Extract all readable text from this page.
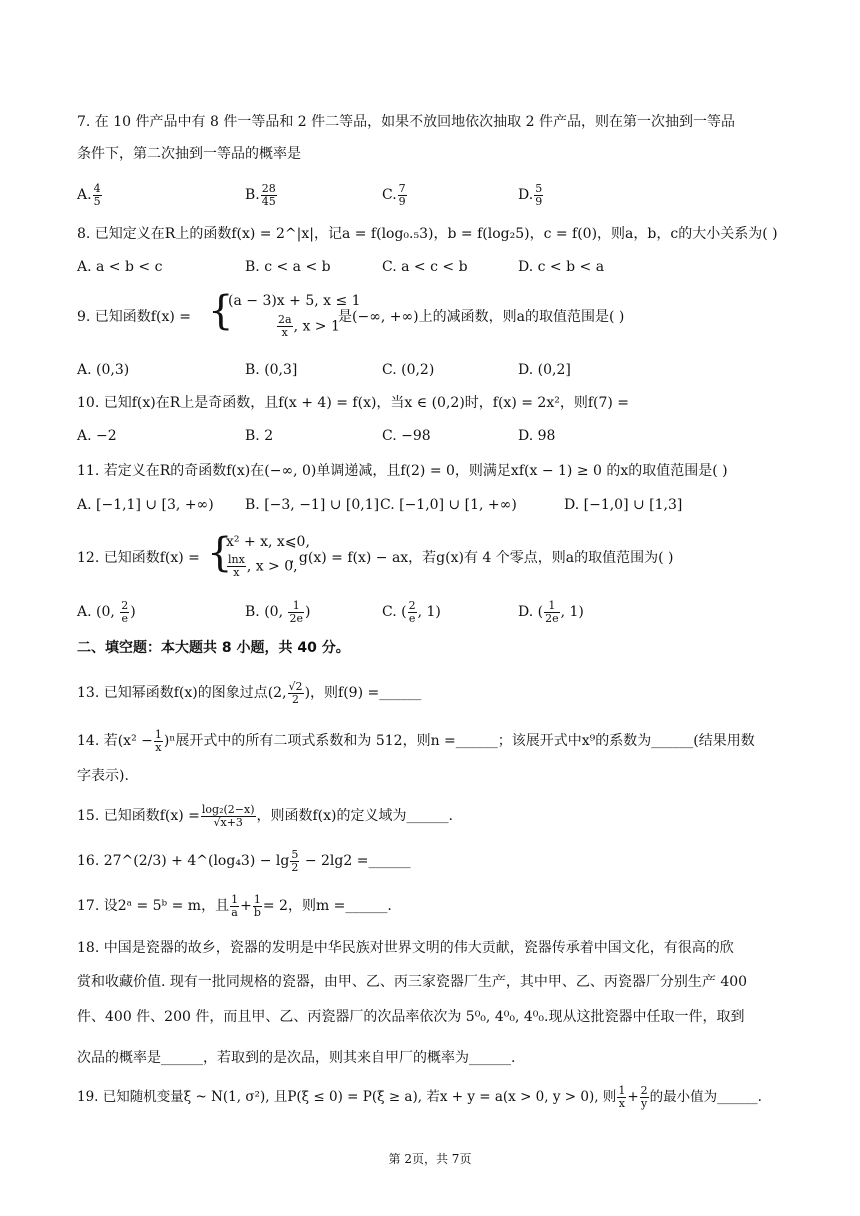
7. 在 10 件产品中有 8 件一等品和 2 件二等品，如果不放回地依次抽取 2 件产品，则在第一次抽到一等品
条件下，第二次抽到一等品的概率是
A. $\frac{4}{5}$	B. $\frac{28}{45}$	C. $\frac{7}{9}$	D. $\frac{5}{9}$
8. 已知定义在R上的函数f(x) = 2^|x|，记a = f(log₀.₅3)，b = f(log₂5)，c = f(0)，则a，b，c的大小关系为( )
A. a < b < c	B. c < a < b	C. a < c < b	D. c < b < a
9. 已知函数f(x) = {
(a − 3)x + 5, x ≤ 1
$\frac{2a}{x}$ , x > 1
是(−∞, +∞)上的减函数，则a的取值范围是( )
A. (0,3)	B. (0,3]	C. (0,2)	D. (0,2]
10. 已知f(x)在R上是奇函数，且f(x + 4) = f(x)，当x ∈ (0,2)时，f(x) = 2x²，则f(7) =
A. −2	B. 2	C. −98	D. 98
11. 若定义在R的奇函数f(x)在(−∞, 0)单调递减，且f(2) = 0，则满足xf(x − 1) ≥ 0 的x的取值范围是( )
A. [−1,1] ∪ [3, +∞) B. [−3, −1] ∪ [0,1] C. [−1,0] ∪ [1, +∞)	D. [−1,0] ∪ [1,3]
12. 已知函数f(x) = {
x² + x, x⩽0,
$\frac{\ln x}{x}$ , x > 0,
, g(x) = f(x) − ax，若g(x)有 4 个零点，则a的取值范围为( )
A. (0, $\frac{2}{e}$ )	B. (0, $\frac{1}{2e}$ )	C. ( $\frac{2}{e}$ , 1)	D. ( $\frac{1}{2e}$ , 1)
二、填空题：本大题共 8 小题，共 40 分。
13. 已知幂函数f(x)的图象过点(2, $\frac{√2}{2}$ )，则f(9) =______
14. 若$(x^2 - \frac{1}{x} )^n$展开式中的所有二项式系数和为 512，则n =______；该展开式中x⁹的系数为______(结果用数
字表示).
15. 已知函数$f(x) = \frac{\text{log₂(2−x)}}{√x+3}$ ，则函数f(x)的定义域为______.
16. 27^(2/3) + 4^(log₄3) − $\lg \frac{5}{2} - 2\lg 2$ =______
17. 设2ᵃ = 5ᵇ = m，且 $\frac{1}{a} + \frac{1}{b} = 2$，则m =______.
18. 中国是瓷器的故乡，瓷器的发明是中华民族对世界文明的伟大贡献，瓷器传承着中国文化，有很高的欣
赏和收藏价值. 现有一批同规格的瓷器，由甲、乙、丙三家瓷器厂生产，其中甲、乙、丙瓷器厂分别生产 400
件、400 件、200 件，而且甲、乙、丙瓷器厂的次品率依次为 5⁰₀, 4⁰₀, 4⁰₀.现从这批瓷器中任取一件，取到
次品的概率是______，若取到的是次品，则其来自甲厂的概率为______.
19. 已知随机变量ξ ~ N(1, σ²), 且P(ξ ≤ 0) = P(ξ ≥ a), 若x + y = a(x > 0, y > 0), 则 $\frac{1}{x} + \frac{2}{y}$ 的最小值为______.
第 2页，共 7页
